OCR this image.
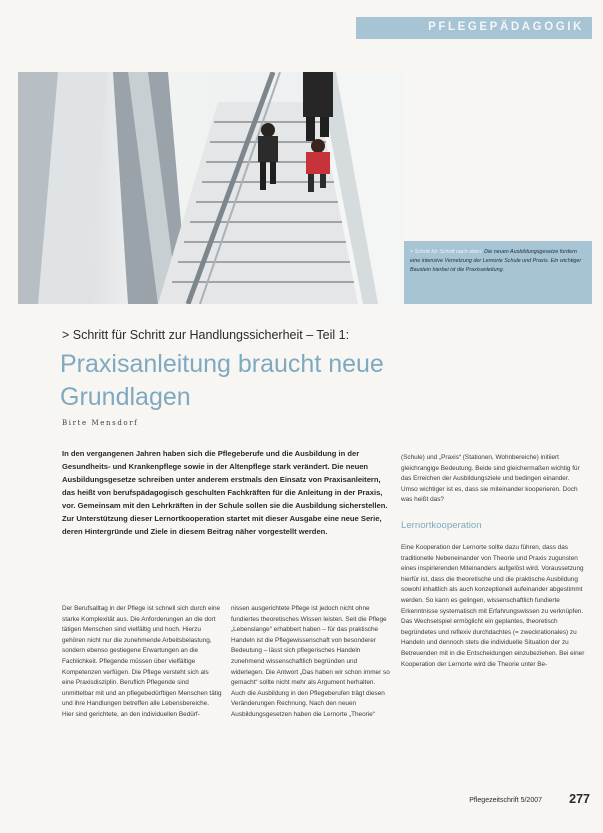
PFLEGEPÄDAGOGIK
> Schritt für Schritt nach oben: Die neuen Ausbildungsgesetze fordern eine intensive Vernetzung der Lernorte Schule und Praxis. Ein wichtiger Baustein hierbei ist die Praxisanleitung.
> Schritt für Schritt zur Handlungssicherheit – Teil 1:
Praxisanleitung braucht neue
Grundlagen
Birte Mensdorf
In den vergangenen Jahren haben sich die Pflegeberufe und die Ausbildung in der Gesundheits- und Krankenpflege sowie in der Altenpflege stark verändert. Die neuen Ausbildungsgesetze schreiben unter anderem erstmals den Einsatz von Praxisanleitern, das heißt von berufspädagogisch geschulten Fachkräften für die Anleitung in der Praxis, vor. Gemeinsam mit den Lehrkräften in der Schule sollen sie die Ausbildung sicherstellen. Zur Unterstützung dieser Lernortkooperation startet mit dieser Ausgabe eine neue Serie, deren Hintergründe und Ziele in diesem Beitrag näher vorgestellt werden.

(Schule) und „Praxis“ (Stationen, Wohnbereiche) initiiert gleichrangige Bedeutung. Beide sind gleichermaßen wichtig für das Erreichen der Ausbildungsziele und bedingen einander. Umso wichtiger ist es, dass sie miteinander kooperieren. Doch was heißt das?

Lernortkooperation

Eine Kooperation der Lernorte sollte dazu führen, dass das traditionelle Nebeneinander von Theorie und Praxis zugunsten eines inspirierenden Miteinanders aufgelöst wird. Voraussetzung hierfür ist, dass die theoretische und die praktische Ausbildung sowohl inhaltlich als auch konzeptionell aufeinander abgestimmt werden. So kann es gelingen, wissenschaftlich fundierte Erkenntnisse systematisch mit Erfahrungswissen zu verknüpfen. Das Wechselspiel ermöglicht ein geplantes, theoretisch begründetes und reflexiv durchdachtes (= zweckrationales) zu Handeln und dennoch stets die individuelle Situation der zu Betreuenden mit in die Entscheidungen einzubeziehen. Bei einer Kooperation der Lernorte wird die Theorie unter Be-

Der Berufsalltag in der Pflege ist schnell sich durch eine starke Komplexität aus. Die Anforderungen an die dort tätigen Menschen sind vielfältig und hoch. Hierzu gehören nicht nur die zunehmende Arbeitsbelastung, sondern ebenso gestiegene Erwartungen an die Fachlichkeit. Pflegende müssen über vielfältige Kompetenzen verfügen. Die Pflege versteht sich als eine Praxisdisziplin. Beruflich Pflegende sind unmittelbar mit und an pflegebedürftigen Menschen tätig und ihre Handlungen betreffen alle Lebensbereiche. Hier sind gerichtete, an den individuellen Bedürf-

nissen ausgerichtete Pflege ist jedoch nicht ohne fundiertes theoretisches Wissen leisten. Seit die Pflege „Lebenslange“ erhabbert haben – für das praktische Handeln ist die Pflegewissenschaft von besonderer Bedeutung – lässt sich pflegerisches Handeln zunehmend wissenschaftlich begründen und widerlegen. Die Antwort „Das haben wir schon immer so gemacht“ sollte nicht mehr als Argument herhalten. Auch die Ausbildung in den Pflegeberufen trägt diesen Veränderungen Rechnung. Nach den neuen Ausbildungsgesetzen haben die Lernorte „Theorie“

Pflegezeitschrift 5/2007 277
